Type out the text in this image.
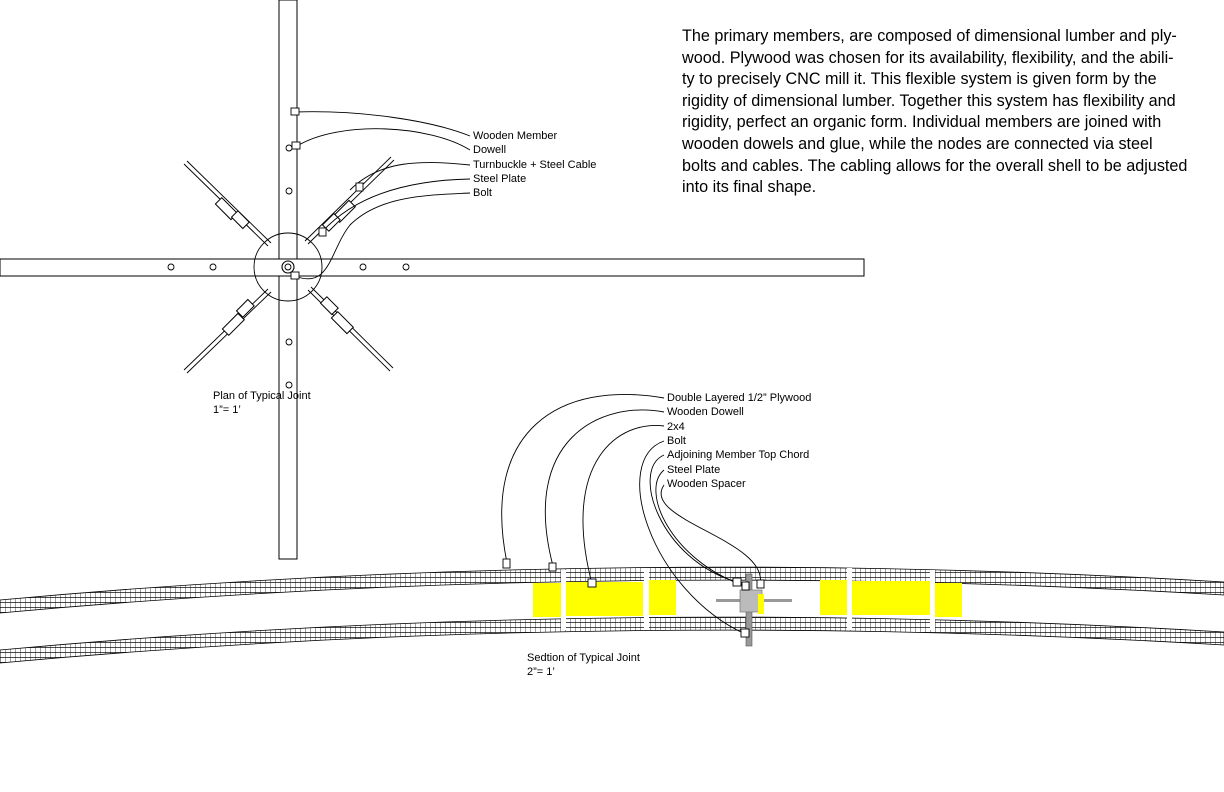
The primary members, are composed of dimensional lumber and ply-
wood. Plywood was chosen for its availability, flexibility, and the abili-
ty to precisely CNC mill it. This flexible system is given form by the
rigidity of dimensional lumber. Together this system has flexibility and
rigidity, perfect an organic form. Individual members are joined with
wooden dowels and glue, while the nodes are connected via steel
bolts and cables. The cabling allows for the overall shell to be adjusted
into its final shape.
Wooden Member
Dowell
Turnbuckle + Steel Cable
Steel Plate
Bolt
Plan of Typical Joint
1”= 1’
Double Layered 1/2” Plywood
Wooden Dowell
2x4
Bolt
Adjoining Member Top Chord
Steel Plate
Wooden Spacer
Sedtion of Typical Joint
2”= 1’
